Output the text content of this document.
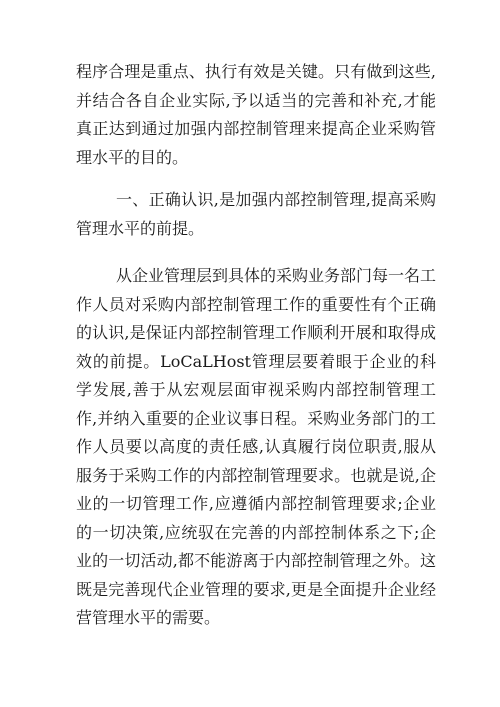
程序合理是重点、执行有效是关键。只有做到这些,并结合各自企业实际,予以适当的完善和补充,才能真正达到通过加强内部控制管理来提高企业采购管理水平的目的。

一、正确认识,是加强内部控制管理,提高采购管理水平的前提。

从企业管理层到具体的采购业务部门每一名工作人员对采购内部控制管理工作的重要性有个正确的认识,是保证内部控制管理工作顺利开展和取得成效的前提。LoCaLHost管理层要着眼于企业的科学发展,善于从宏观层面审视采购内部控制管理工作,并纳入重要的企业议事日程。采购业务部门的工作人员要以高度的责任感,认真履行岗位职责,服从服务于采购工作的内部控制管理要求。也就是说,企业的一切管理工作,应遵循内部控制管理要求;企业的一切决策,应统驭在完善的内部控制体系之下;企业的一切活动,都不能游离于内部控制管理之外。这既是完善现代企业管理的要求,更是全面提升企业经营管理水平的需要。
